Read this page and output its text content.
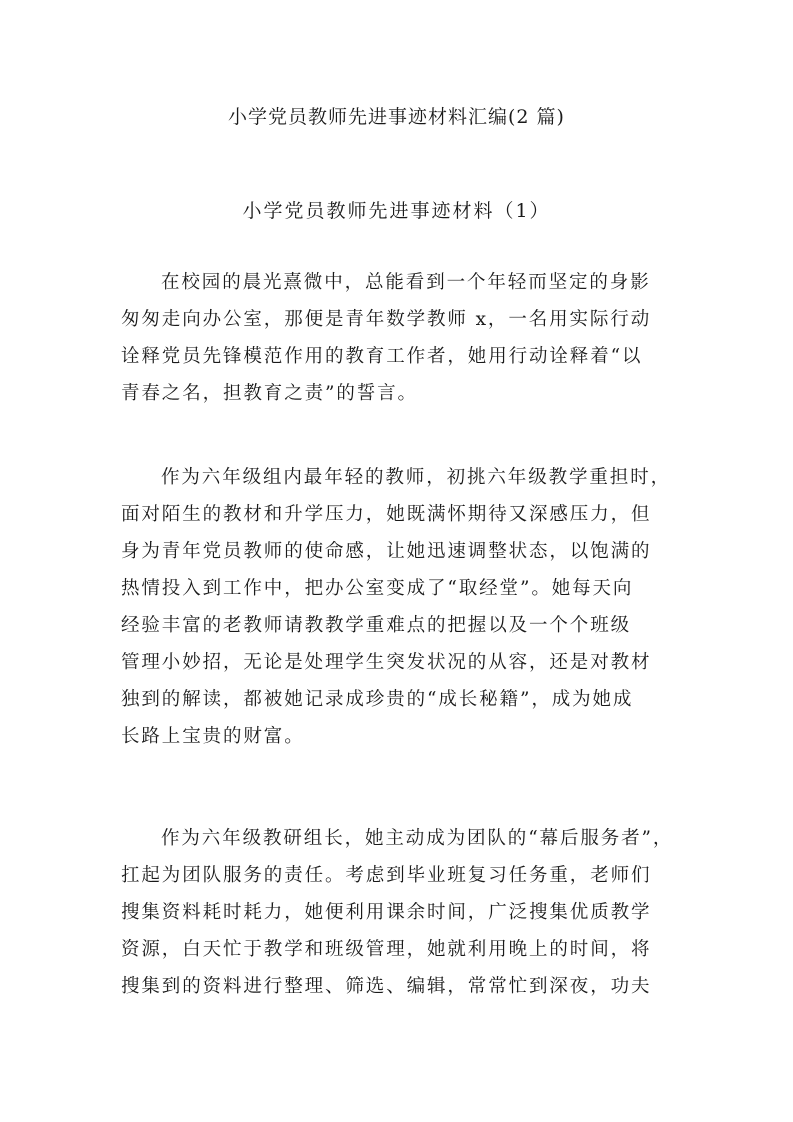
小学党员教师先进事迹材料汇编(2 篇)
小学党员教师先进事迹材料（1）
在校园的晨光熹微中，总能看到一个年轻而坚定的身影
匆匆走向办公室，那便是青年数学教师 x，一名用实际行动
诠释党员先锋模范作用的教育工作者，她用行动诠释着“以
青春之名，担教育之责”的誓言。
作为六年级组内最年轻的教师，初挑六年级教学重担时，
面对陌生的教材和升学压力，她既满怀期待又深感压力，但
身为青年党员教师的使命感，让她迅速调整状态，以饱满的
热情投入到工作中，把办公室变成了“取经堂”。她每天向
经验丰富的老教师请教教学重难点的把握以及一个个班级
管理小妙招，无论是处理学生突发状况的从容，还是对教材
独到的解读，都被她记录成珍贵的“成长秘籍”，成为她成
长路上宝贵的财富。
作为六年级教研组长，她主动成为团队的“幕后服务者”，
扛起为团队服务的责任。考虑到毕业班复习任务重，老师们
搜集资料耗时耗力，她便利用课余时间，广泛搜集优质教学
资源，白天忙于教学和班级管理，她就利用晚上的时间，将
搜集到的资料进行整理、筛选、编辑，常常忙到深夜，功夫
